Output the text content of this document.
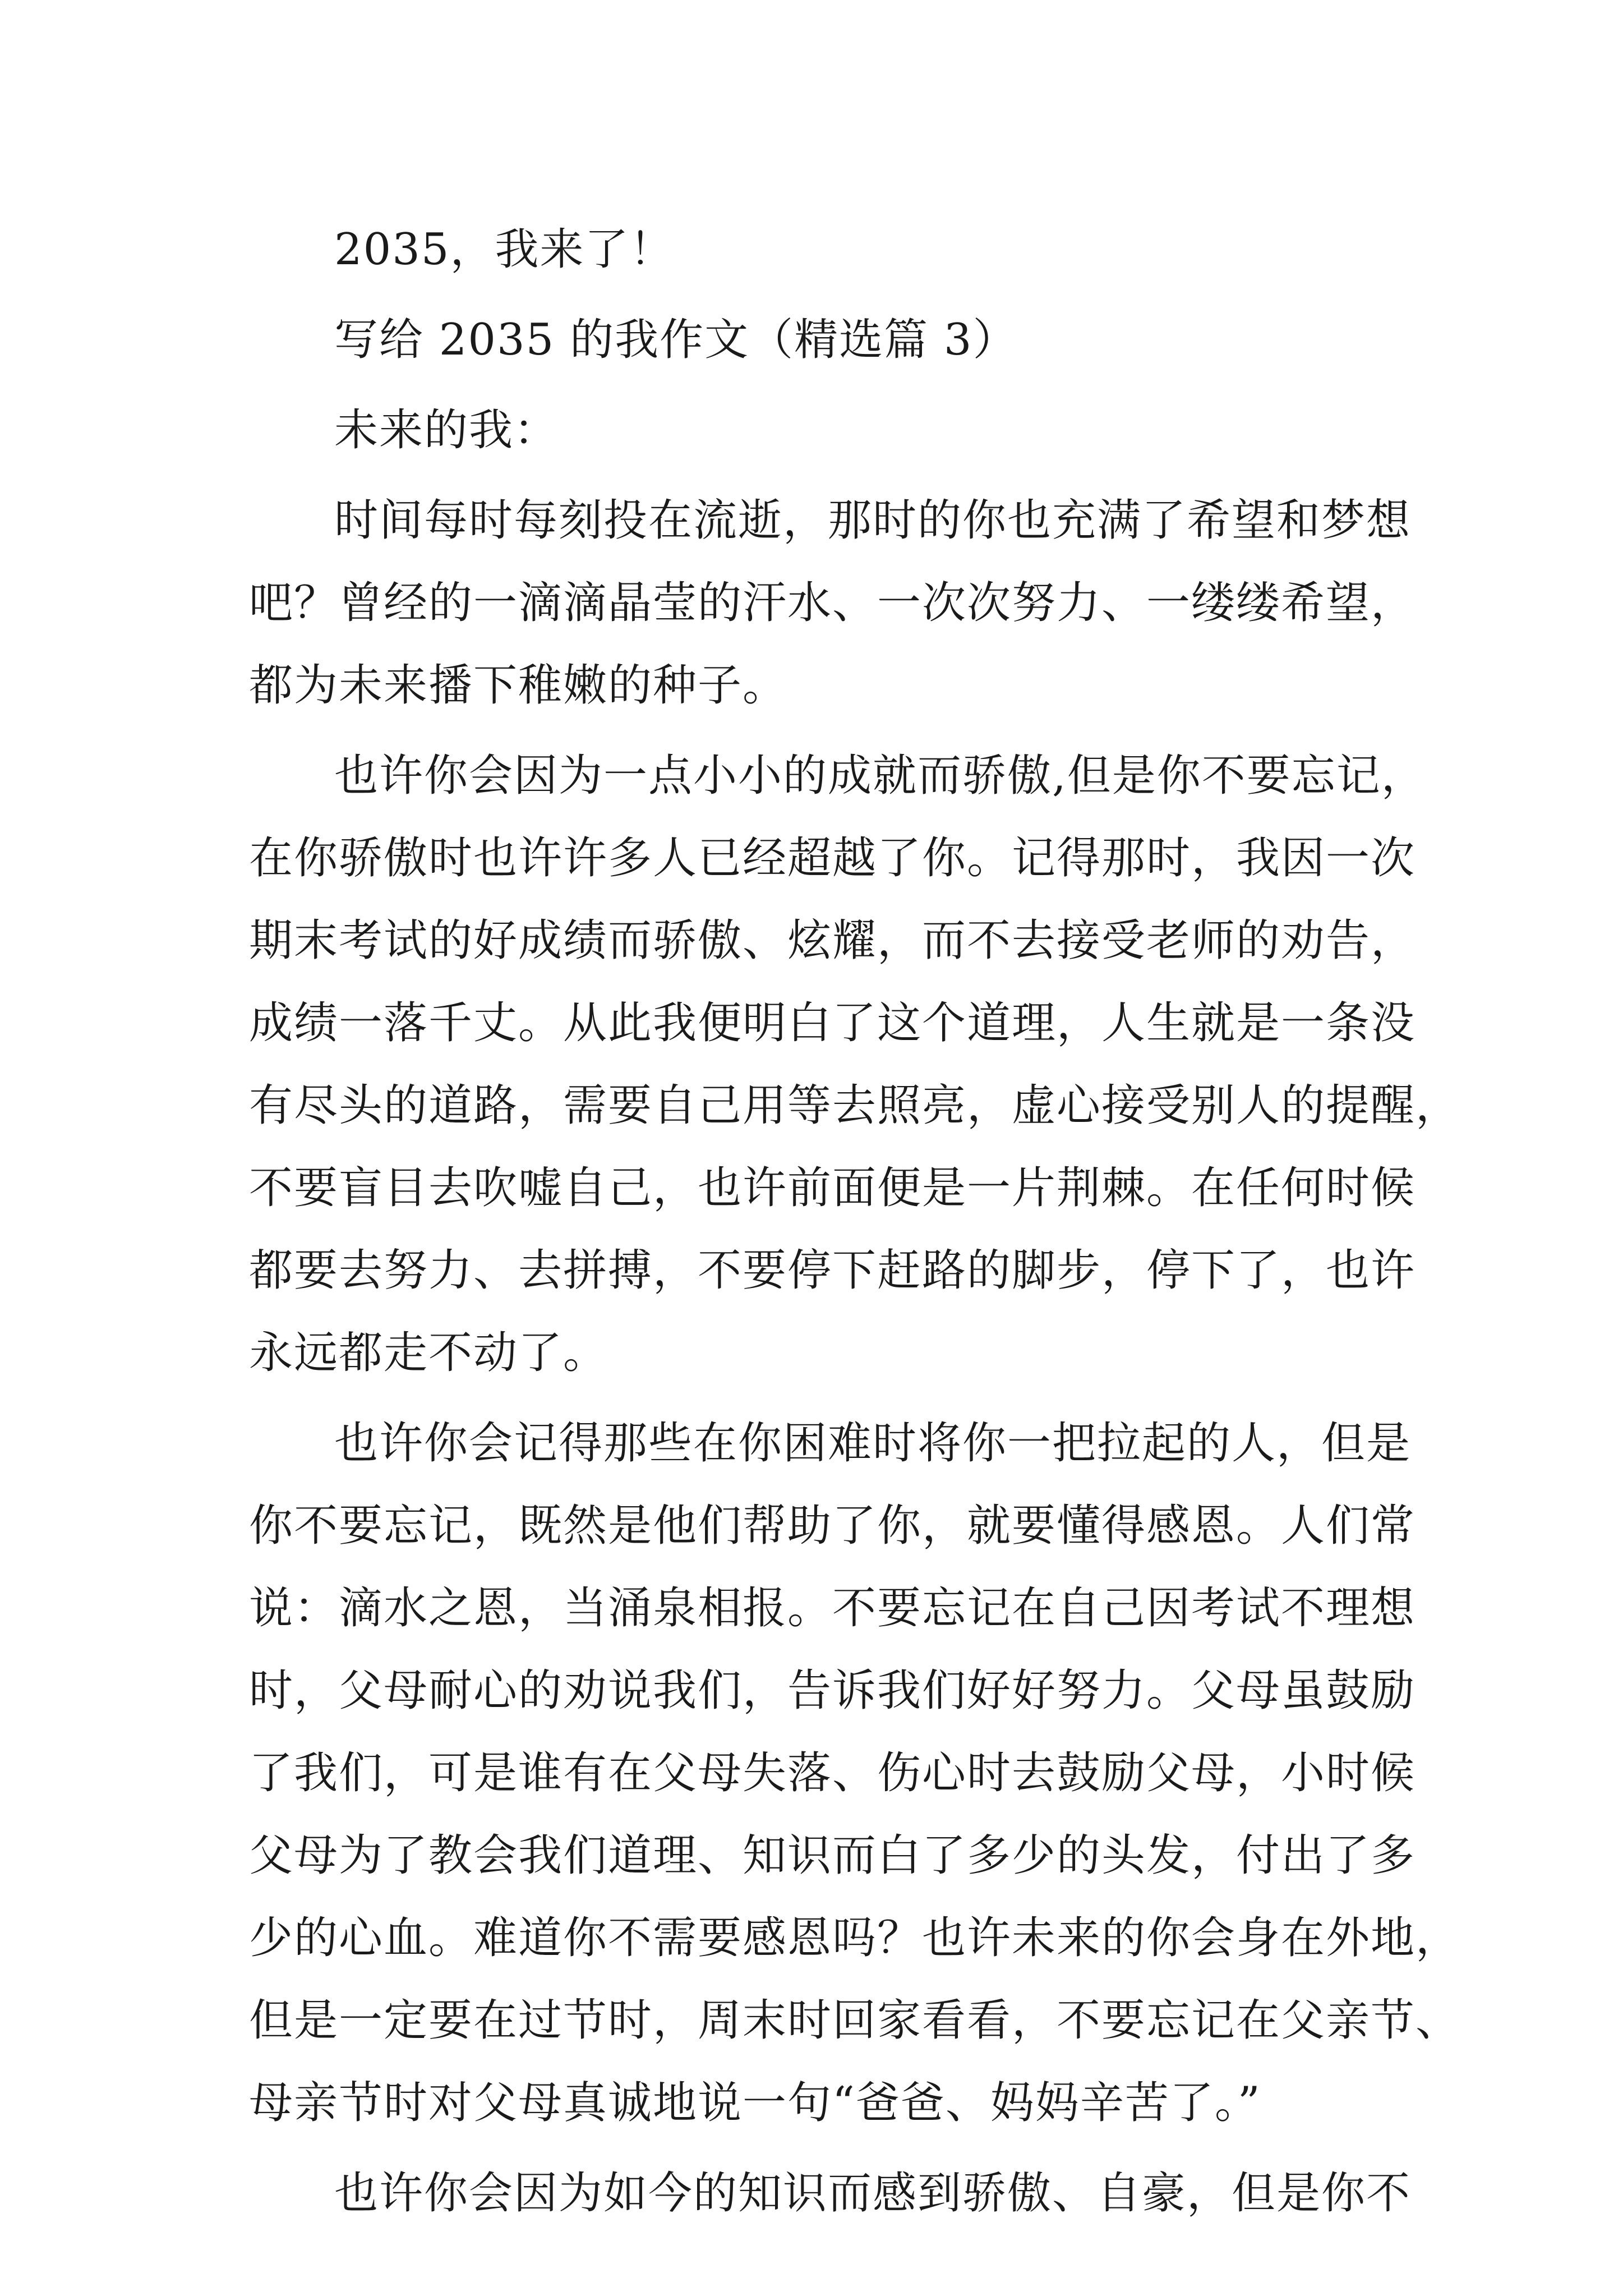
2035，我来了！

写给 2035 的我作文（精选篇 3）

未来的我：

时间每时每刻投在流逝，那时的你也充满了希望和梦想

吧？曾经的一滴滴晶莹的汗水、一次次努力、一缕缕希望，

都为未来播下稚嫩的种子。

也许你会因为一点小小的成就而骄傲,但是你不要忘记，

在你骄傲时也许许多人已经超越了你。记得那时，我因一次

期末考试的好成绩而骄傲、炫耀，而不去接受老师的劝告，

成绩一落千丈。从此我便明白了这个道理，人生就是一条没

有尽头的道路，需要自己用等去照亮，虚心接受别人的提醒，

不要盲目去吹嘘自己，也许前面便是一片荆棘。在任何时候

都要去努力、去拼搏，不要停下赶路的脚步，停下了，也许

永远都走不动了。

也许你会记得那些在你困难时将你一把拉起的人，但是

你不要忘记，既然是他们帮助了你，就要懂得感恩。人们常

说：滴水之恩，当涌泉相报。不要忘记在自己因考试不理想

时，父母耐心的劝说我们，告诉我们好好努力。父母虽鼓励

了我们，可是谁有在父母失落、伤心时去鼓励父母，小时候

父母为了教会我们道理、知识而白了多少的头发，付出了多

少的心血。难道你不需要感恩吗？也许未来的你会身在外地，

但是一定要在过节时，周末时回家看看，不要忘记在父亲节、

母亲节时对父母真诚地说一句“爸爸、妈妈辛苦了。”

也许你会因为如今的知识而感到骄傲、自豪，但是你不
